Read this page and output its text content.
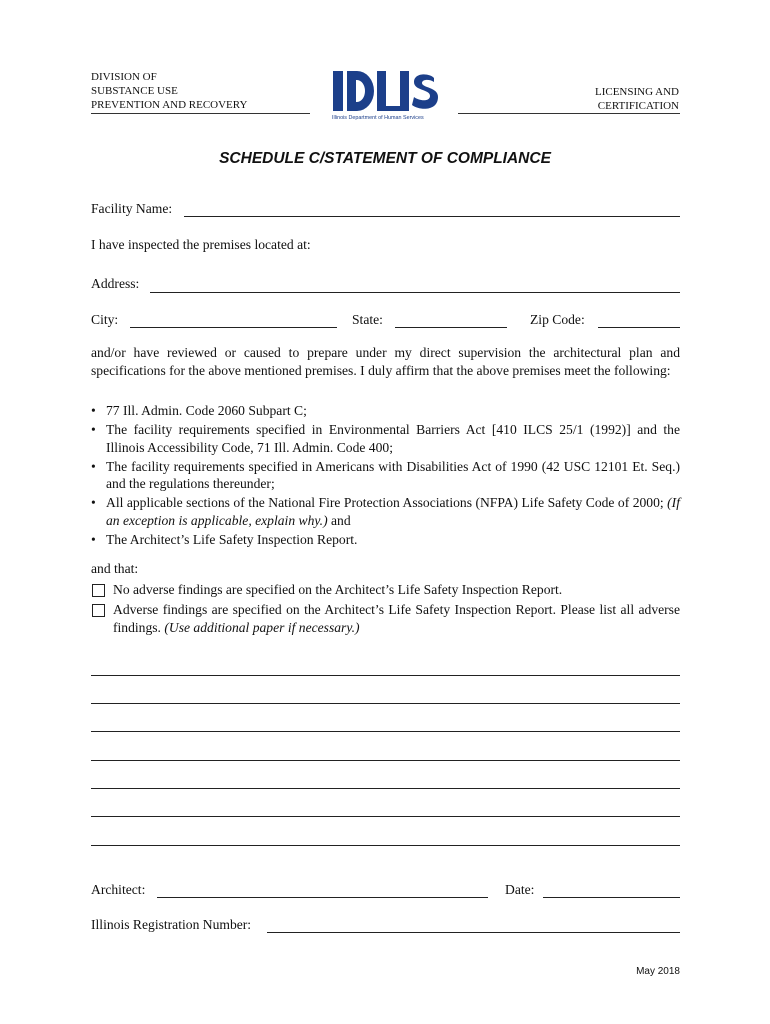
DIVISION OF
SUBSTANCE USE
PREVENTION AND RECOVERY
LICENSING AND
CERTIFICATION
Illinois Department of Human Services
SCHEDULE C/STATEMENT OF COMPLIANCE
Facility Name:
I have inspected the premises located at:
Address:
City:	State:	Zip Code:
and/or have reviewed or caused to prepare under my direct supervision the architectural plan and specifications for the above mentioned premises. I duly affirm that the above premises meet the following:
• 77 Ill. Admin. Code 2060 Subpart C;
• The facility requirements specified in Environmental Barriers Act [410 ILCS 25/1 (1992)] and the Illinois Accessibility Code, 71 Ill. Admin. Code 400;
• The facility requirements specified in Americans with Disabilities Act of 1990 (42 USC 12101 Et. Seq.) and the regulations thereunder;
• All applicable sections of the National Fire Protection Associations (NFPA) Life Safety Code of 2000; (If an exception is applicable, explain why.) and
• The Architect’s Life Safety Inspection Report.
and that:
No adverse findings are specified on the Architect’s Life Safety Inspection Report.
Adverse findings are specified on the Architect’s Life Safety Inspection Report. Please list all adverse findings. (Use additional paper if necessary.)
Architect:	Date:
Illinois Registration Number:
May 2018
